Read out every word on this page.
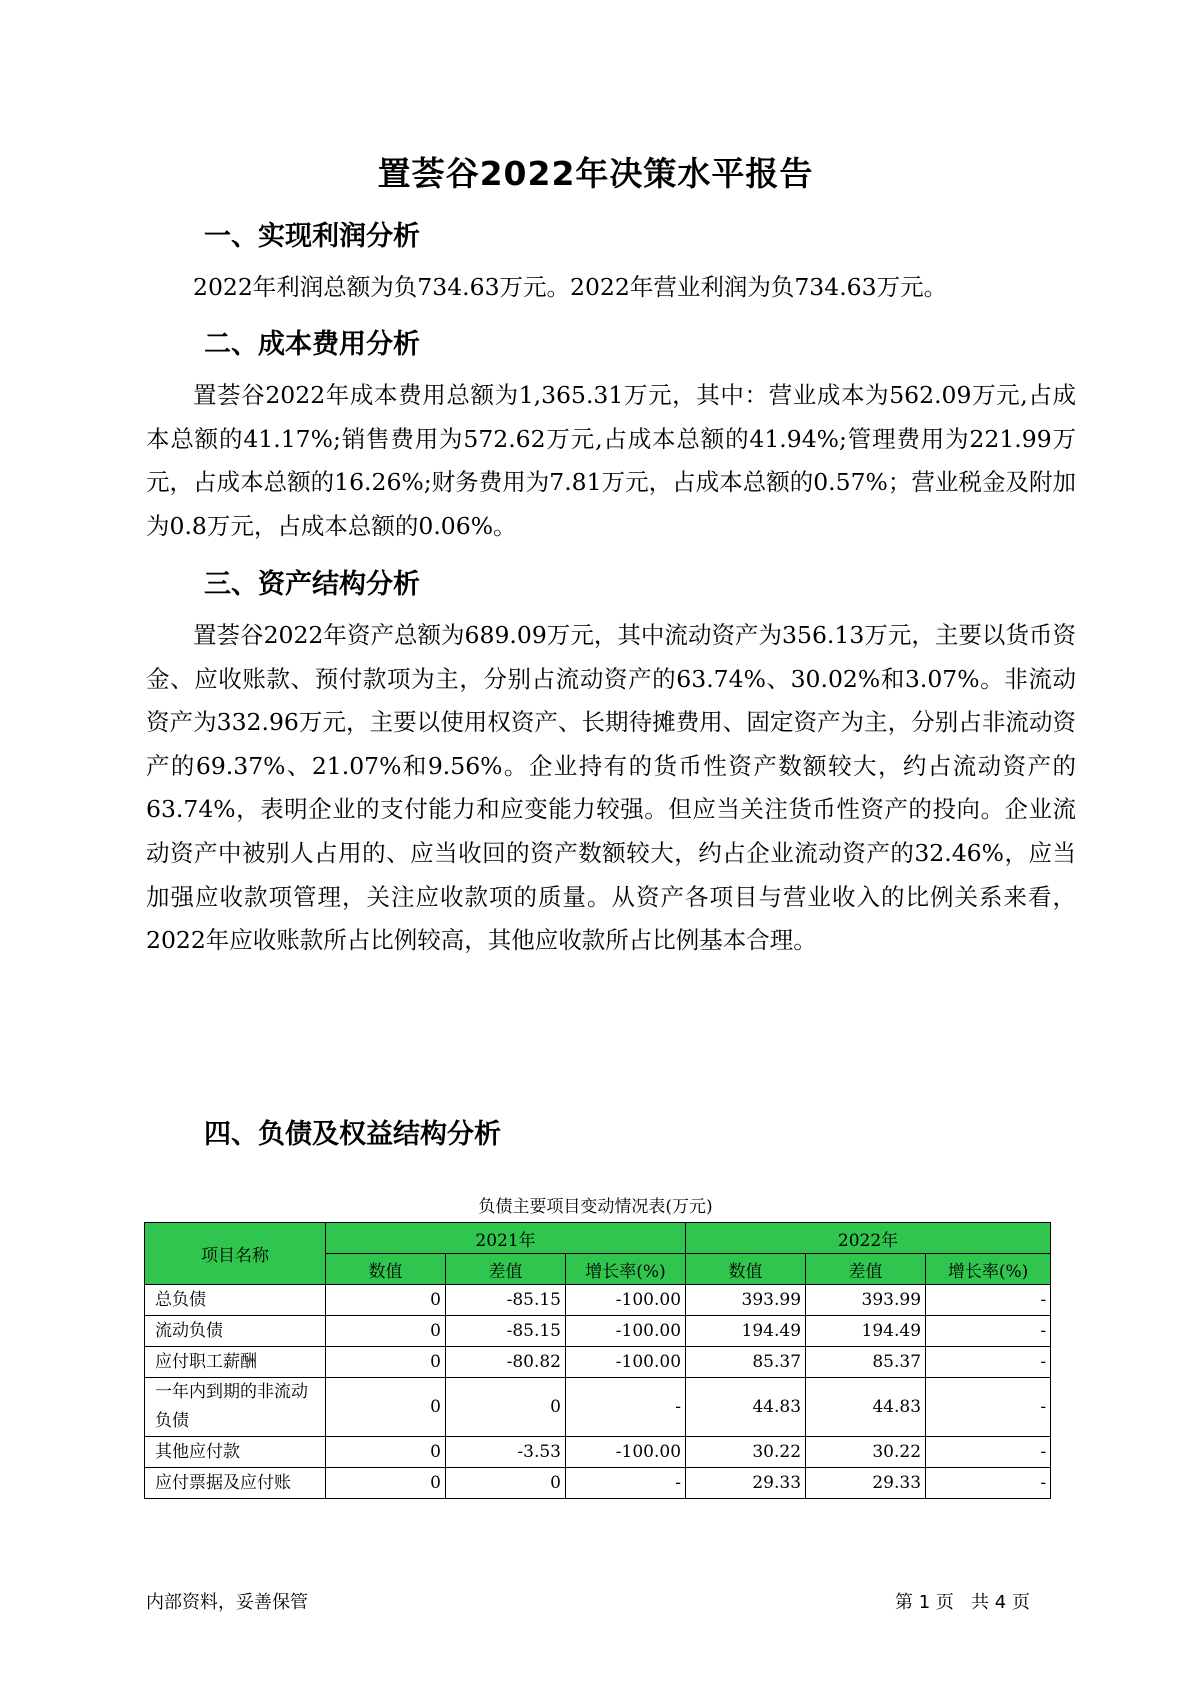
置荟谷2022年决策水平报告
一、实现利润分析

2022年利润总额为负734.63万元。2022年营业利润为负734.63万元。

二、成本费用分析

置荟谷2022年成本费用总额为1,365.31万元，其中：营业成本为562.09万元,占成本总额的41.17%;销售费用为572.62万元,占成本总额的41.94%;管理费用为221.99万元，占成本总额的16.26%;财务费用为7.81万元，占成本总额的0.57%；营业税金及附加为0.8万元，占成本总额的0.06%。

三、资产结构分析

置荟谷2022年资产总额为689.09万元，其中流动资产为356.13万元，主要以货币资金、应收账款、预付款项为主，分别占流动资产的63.74%、30.02%和3.07%。非流动资产为332.96万元，主要以使用权资产、长期待摊费用、固定资产为主，分别占非流动资产的69.37%、21.07%和9.56%。企业持有的货币性资产数额较大，约占流动资产的63.74%，表明企业的支付能力和应变能力较强。但应当关注货币性资产的投向。企业流动资产中被别人占用的、应当收回的资产数额较大，约占企业流动资产的32.46%，应当加强应收款项管理，关注应收款项的质量。从资产各项目与营业收入的比例关系来看，2022年应收账款所占比例较高，其他应收款所占比例基本合理。

四、负债及权益结构分析
负债主要项目变动情况表(万元)
项目名称	2021年			2022年		
	数值	差值	增长率(%)	数值	差值	增长率(%)
总负债	0	-85.15	-100.00	393.99	393.99	-
流动负债	0	-85.15	-100.00	194.49	194.49	-
应付职工薪酬	0	-80.82	-100.00	85.37	85.37	-
一年内到期的非流动负债	0	0	-	44.83	44.83	-
其他应付款	0	-3.53	-100.00	30.22	30.22	-
应付票据及应付账	0	0	-	29.33	29.33	-
内部资料，妥善保管	第 1 页   共 4 页
